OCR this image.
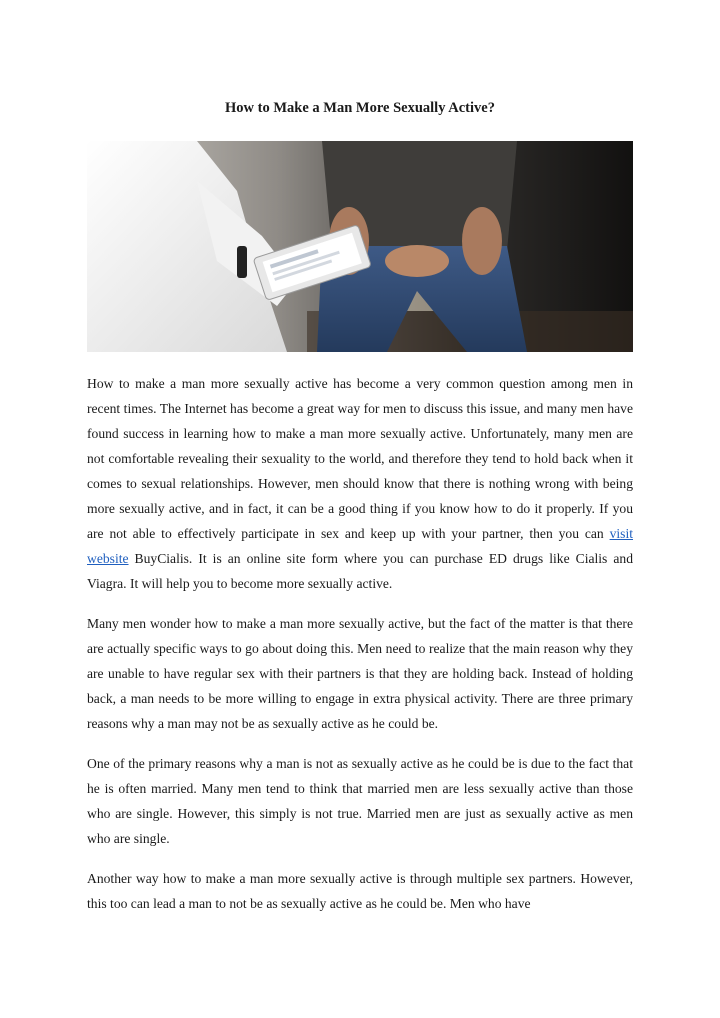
How to Make a Man More Sexually Active?

How to make a man more sexually active has become a very common question among men in recent times. The Internet has become a great way for men to discuss this issue, and many men have found success in learning how to make a man more sexually active. Unfortunately, many men are not comfortable revealing their sexuality to the world, and therefore they tend to hold back when it comes to sexual relationships. However, men should know that there is nothing wrong with being more sexually active, and in fact, it can be a good thing if you know how to do it properly. If you are not able to effectively participate in sex and keep up with your partner, then you can visit website BuyCialis. It is an online site form where you can purchase ED drugs like Cialis and Viagra. It will help you to become more sexually active.

Many men wonder how to make a man more sexually active, but the fact of the matter is that there are actually specific ways to go about doing this. Men need to realize that the main reason why they are unable to have regular sex with their partners is that they are holding back. Instead of holding back, a man needs to be more willing to engage in extra physical activity. There are three primary reasons why a man may not be as sexually active as he could be.

One of the primary reasons why a man is not as sexually active as he could be is due to the fact that he is often married. Many men tend to think that married men are less sexually active than those who are single. However, this simply is not true. Married men are just as sexually active as men who are single.

Another way how to make a man more sexually active is through multiple sex partners. However, this too can lead a man to not be as sexually active as he could be. Men who have
